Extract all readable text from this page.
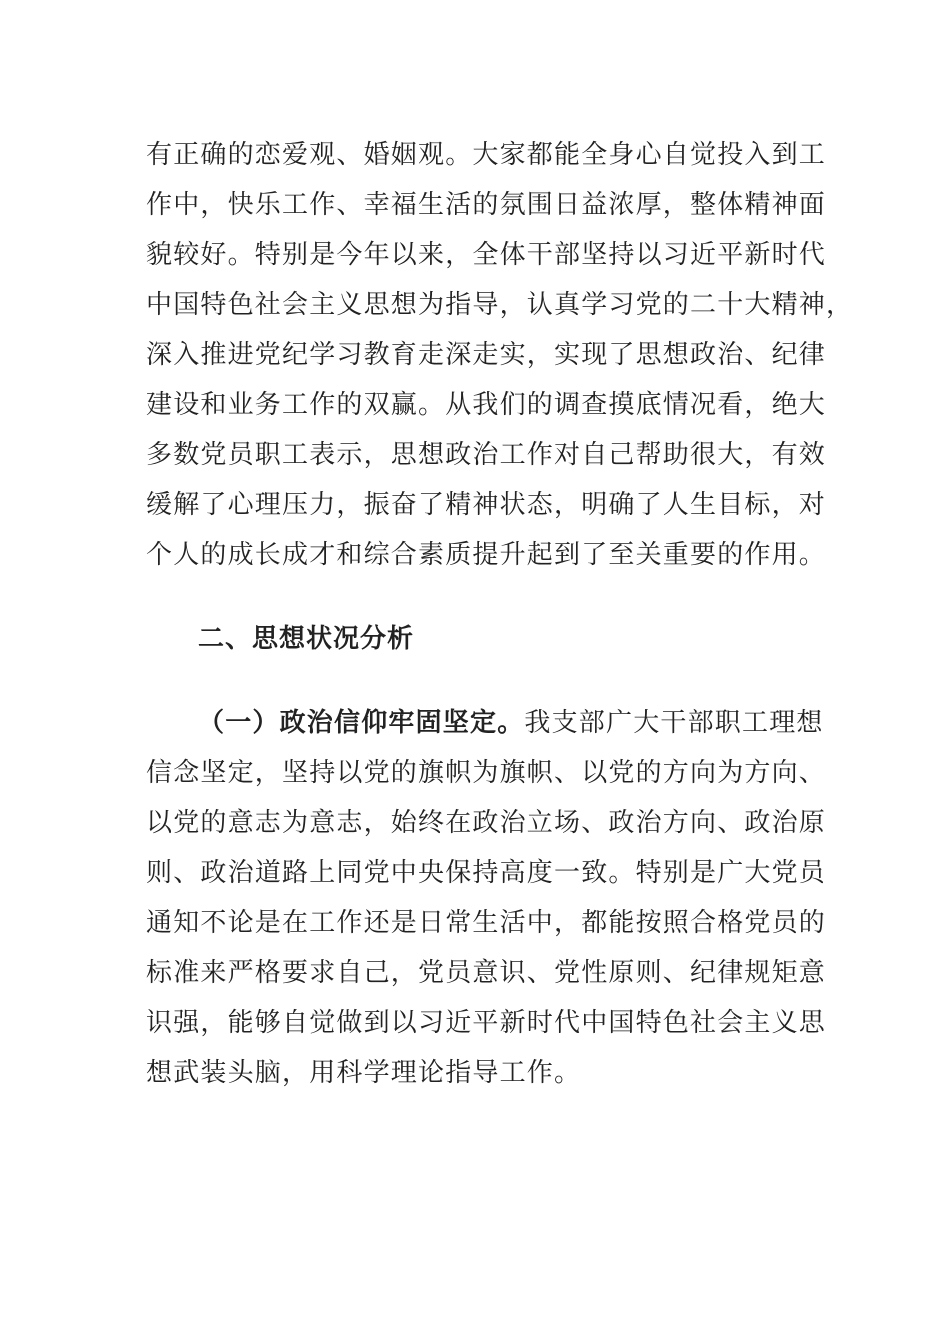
有正确的恋爱观、婚姻观。大家都能全身心自觉投入到工
作中，快乐工作、幸福生活的氛围日益浓厚，整体精神面
貌较好。特别是今年以来，全体干部坚持以习近平新时代
中国特色社会主义思想为指导，认真学习党的二十大精神，
深入推进党纪学习教育走深走实，实现了思想政治、纪律
建设和业务工作的双赢。从我们的调查摸底情况看，绝大
多数党员职工表示，思想政治工作对自己帮助很大，有效
缓解了心理压力，振奋了精神状态，明确了人生目标，对
个人的成长成才和综合素质提升起到了至关重要的作用。
二、思想状况分析
（一）政治信仰牢固坚定。我支部广大干部职工理想
信念坚定，坚持以党的旗帜为旗帜、以党的方向为方向、
以党的意志为意志，始终在政治立场、政治方向、政治原
则、政治道路上同党中央保持高度一致。特别是广大党员
通知不论是在工作还是日常生活中，都能按照合格党员的
标准来严格要求自己，党员意识、党性原则、纪律规矩意
识强，能够自觉做到以习近平新时代中国特色社会主义思
想武装头脑，用科学理论指导工作。
